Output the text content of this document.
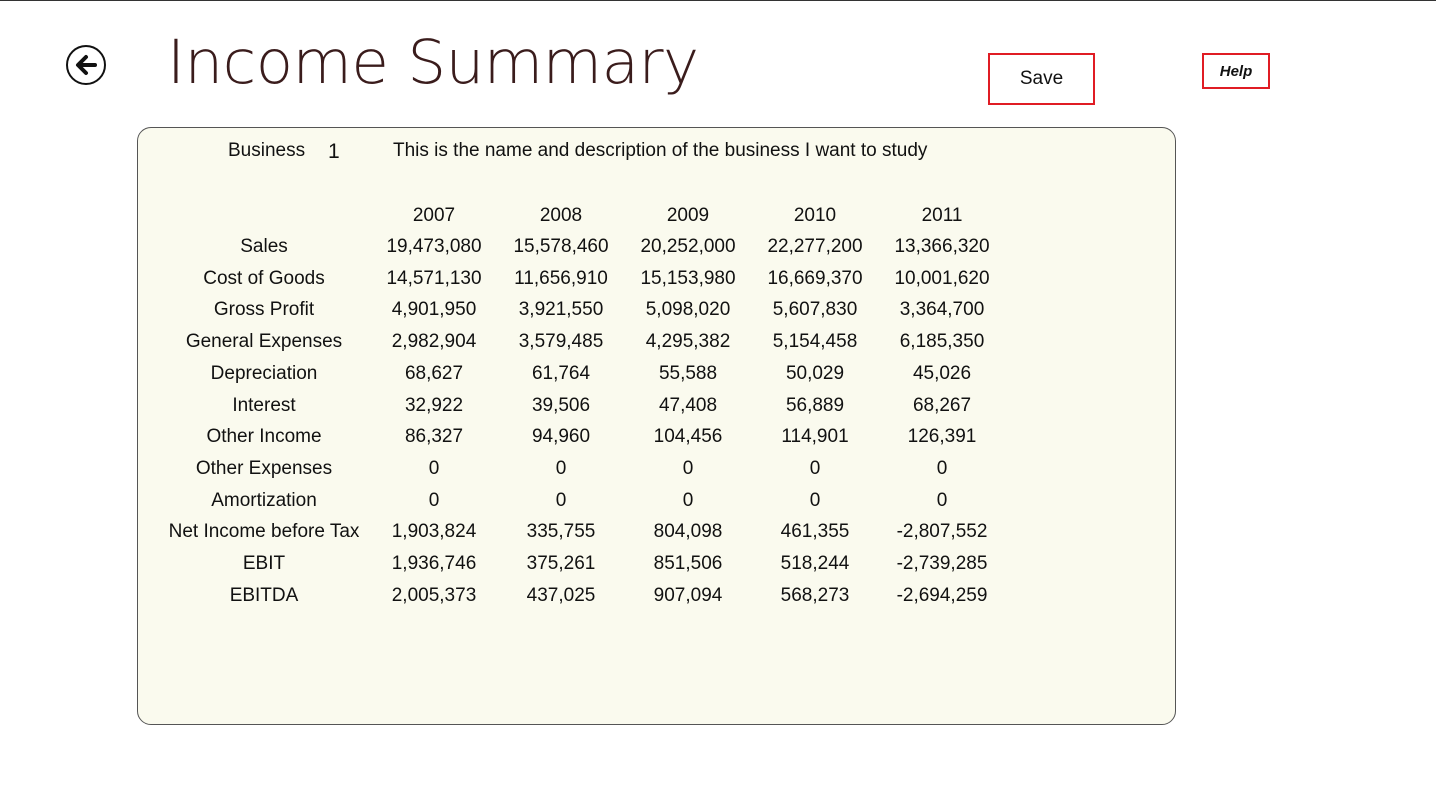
Income Summary	Save	Help
Business 1	This is the name and description of the business I want to study
2007	2008	2009	2010	2011
Sales	19,473,080	15,578,460	20,252,000	22,277,200	13,366,320
Cost of Goods	14,571,130	11,656,910	15,153,980	16,669,370	10,001,620
Gross Profit	4,901,950	3,921,550	5,098,020	5,607,830	3,364,700
General Expenses	2,982,904	3,579,485	4,295,382	5,154,458	6,185,350
Depreciation	68,627	61,764	55,588	50,029	45,026
Interest	32,922	39,506	47,408	56,889	68,267
Other Income	86,327	94,960	104,456	114,901	126,391
Other Expenses	0	0	0	0	0
Amortization	0	0	0	0	0
Net Income before Tax	1,903,824	335,755	804,098	461,355	-2,807,552
EBIT	1,936,746	375,261	851,506	518,244	-2,739,285
EBITDA	2,005,373	437,025	907,094	568,273	-2,694,259
